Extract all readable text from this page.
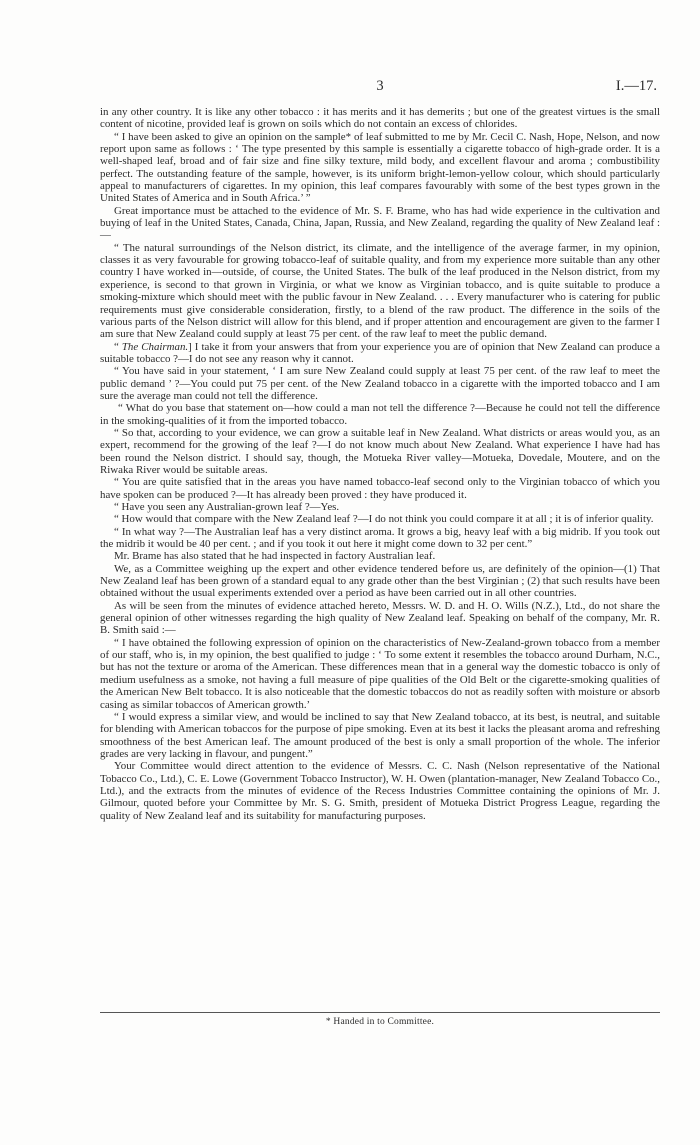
3	I.—17.

in any other country. It is like any other tobacco : it has merits and it has demerits ; but one of the greatest virtues is the small content of nicotine, provided leaf is grown on soils which do not contain an excess of chlorides.

“ I have been asked to give an opinion on the sample* of leaf submitted to me by Mr. Cecil C. Nash, Hope, Nelson, and now report upon same as follows : ‘ The type presented by this sample is essentially a cigarette tobacco of high-grade order. It is a well-shaped leaf, broad and of fair size and fine silky texture, mild body, and excellent flavour and aroma ; combustibility perfect. The outstanding feature of the sample, however, is its uniform bright-lemon-yellow colour, which should particularly appeal to manufacturers of cigarettes. In my opinion, this leaf compares favourably with some of the best types grown in the United States of America and in South Africa.’ ”

Great importance must be attached to the evidence of Mr. S. F. Brame, who has had wide experience in the cultivation and buying of leaf in the United States, Canada, China, Japan, Russia, and New Zealand, regarding the quality of New Zealand leaf :—

“ The natural surroundings of the Nelson district, its climate, and the intelligence of the average farmer, in my opinion, classes it as very favourable for growing tobacco-leaf of suitable quality, and from my experience more suitable than any other country I have worked in—outside, of course, the United States. The bulk of the leaf produced in the Nelson district, from my experience, is second to that grown in Virginia, or what we know as Virginian tobacco, and is quite suitable to produce a smoking-mixture which should meet with the public favour in New Zealand. . . . Every manufacturer who is catering for public requirements must give considerable consideration, firstly, to a blend of the raw product. The difference in the soils of the various parts of the Nelson district will allow for this blend, and if proper attention and encouragement are given to the farmer I am sure that New Zealand could supply at least 75 per cent. of the raw leaf to meet the public demand.

“ The Chairman.] I take it from your answers that from your experience you are of opinion that New Zealand can produce a suitable tobacco ?—I do not see any reason why it cannot.

“ You have said in your statement, ‘ I am sure New Zealand could supply at least 75 per cent. of the raw leaf to meet the public demand ’ ?—You could put 75 per cent. of the New Zealand tobacco in a cigarette with the imported tobacco and I am sure the average man could not tell the difference.

“ What do you base that statement on—how could a man not tell the difference ?—Because he could not tell the difference in the smoking-qualities of it from the imported tobacco.

“ So that, according to your evidence, we can grow a suitable leaf in New Zealand. What districts or areas would you, as an expert, recommend for the growing of the leaf ?—I do not know much about New Zealand. What experience I have had has been round the Nelson district. I should say, though, the Motueka River valley—Motueka, Dovedale, Moutere, and on the Riwaka River would be suitable areas.

“ You are quite satisfied that in the areas you have named tobacco-leaf second only to the Virginian tobacco of which you have spoken can be produced ?—It has already been proved : they have produced it.

“ Have you seen any Australian-grown leaf ?—Yes.

“ How would that compare with the New Zealand leaf ?—I do not think you could compare it at all ; it is of inferior quality.

“ In what way ?—The Australian leaf has a very distinct aroma. It grows a big, heavy leaf with a big midrib. If you took out the midrib it would be 40 per cent. ; and if you took it out here it might come down to 32 per cent.”

Mr. Brame has also stated that he had inspected in factory Australian leaf.

We, as a Committee weighing up the expert and other evidence tendered before us, are definitely of the opinion—(1) That New Zealand leaf has been grown of a standard equal to any grade other than the best Virginian ; (2) that such results have been obtained without the usual experiments extended over a period as have been carried out in all other countries.

As will be seen from the minutes of evidence attached hereto, Messrs. W. D. and H. O. Wills (N.Z.), Ltd., do not share the general opinion of other witnesses regarding the high quality of New Zealand leaf. Speaking on behalf of the company, Mr. R. B. Smith said :—

“ I have obtained the following expression of opinion on the characteristics of New-Zealand-grown tobacco from a member of our staff, who is, in my opinion, the best qualified to judge : ‘ To some extent it resembles the tobacco around Durham, N.C., but has not the texture or aroma of the American. These differences mean that in a general way the domestic tobacco is only of medium usefulness as a smoke, not having a full measure of pipe qualities of the Old Belt or the cigarette-smoking qualities of the American New Belt tobacco. It is also noticeable that the domestic tobaccos do not as readily soften with moisture or absorb casing as similar tobaccos of American growth.’

“ I would express a similar view, and would be inclined to say that New Zealand tobacco, at its best, is neutral, and suitable for blending with American tobaccos for the purpose of pipe smoking. Even at its best it lacks the pleasant aroma and refreshing smoothness of the best American leaf. The amount produced of the best is only a small proportion of the whole. The inferior grades are very lacking in flavour, and pungent.”

Your Committee would direct attention to the evidence of Messrs. C. C. Nash (Nelson representative of the National Tobacco Co., Ltd.), C. E. Lowe (Government Tobacco Instructor), W. H. Owen (plantation-manager, New Zealand Tobacco Co., Ltd.), and the extracts from the minutes of evidence of the Recess Industries Committee containing the opinions of Mr. J. Gilmour, quoted before your Committee by Mr. S. G. Smith, president of Motueka District Progress League, regarding the quality of New Zealand leaf and its suitability for manufacturing purposes.

* Handed in to Committee.
